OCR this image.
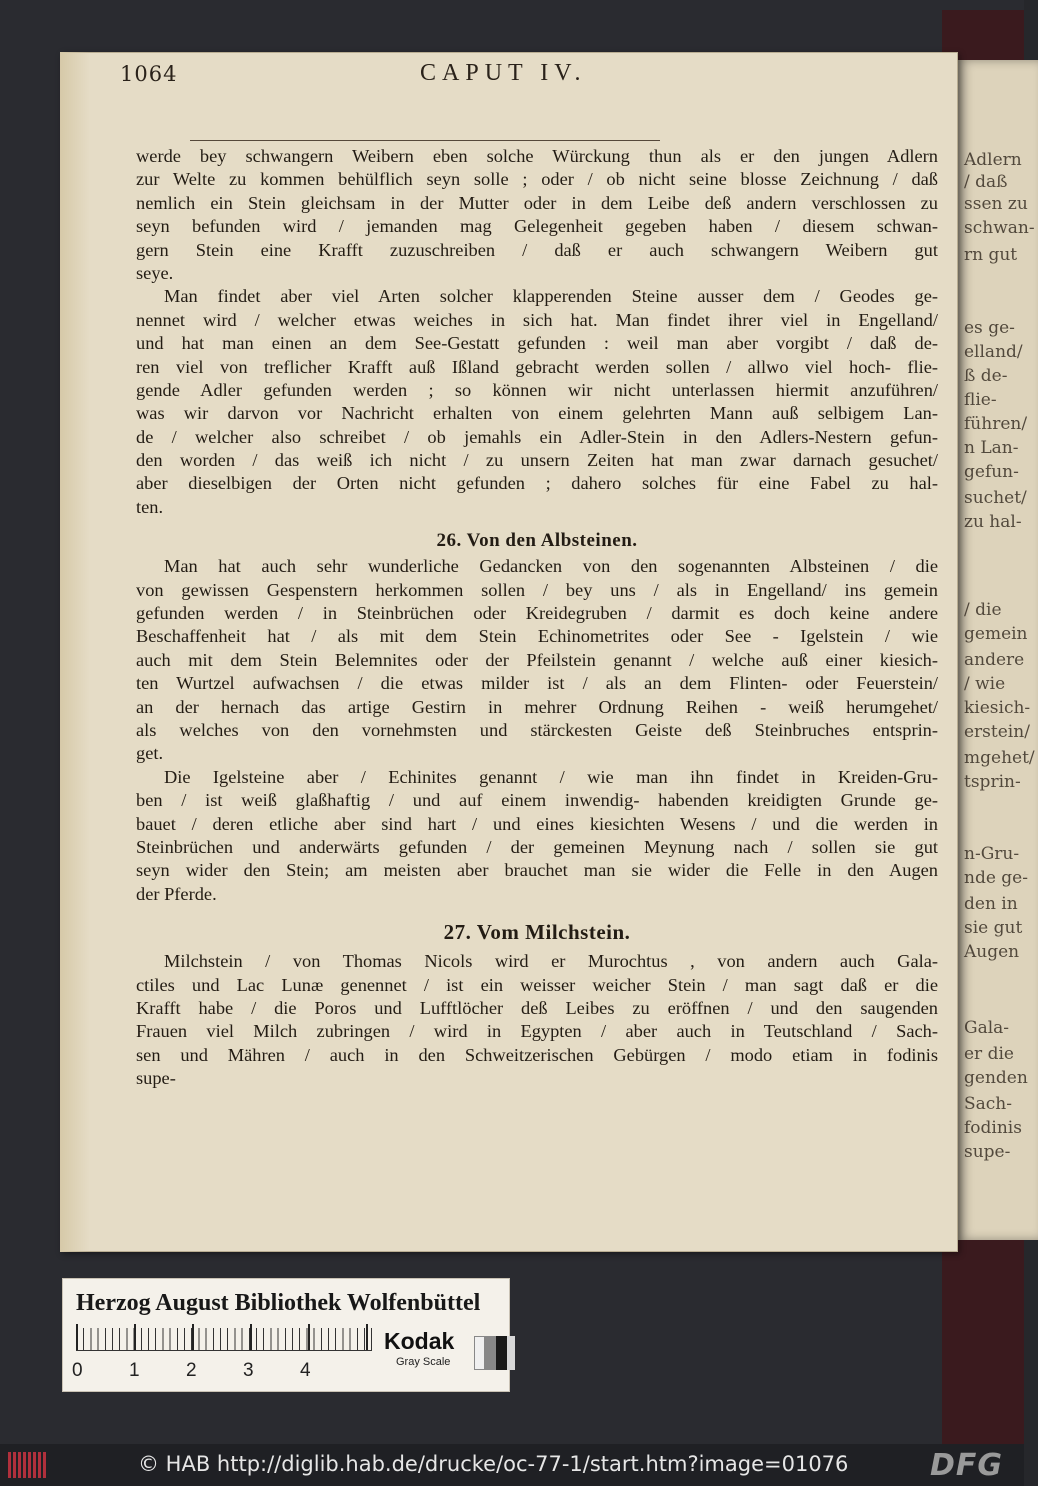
Adlern
/ daß
ssen zu
schwan-
rn gut
es ge-
elland/
ß de-
flie-
führen/
n Lan-
gefun-
suchet/
zu hal-
/ die
gemein
andere
/ wie
kiesich-
erstein/
mgehet/
tsprin-
n-Gru-
nde ge-
den in
sie gut
Augen
Gala-
er die
genden
Sach-
fodinis
supe-
1064	CAPUT IV.
werde bey schwangern Weibern eben solche Würckung thun als er den jungen Adlern
zur Welte zu kommen behülflich seyn solle ; oder / ob nicht seine blosse Zeichnung / daß
nemlich ein Stein gleichsam in der Mutter oder in dem Leibe deß andern verschlossen zu
seyn befunden wird / jemanden mag Gelegenheit gegeben haben / diesem schwan-
gern Stein eine Krafft zuzuschreiben / daß er auch schwangern Weibern gut
seye.
Man findet aber viel Arten solcher klapperenden Steine ausser dem / Geodes ge-
nennet wird / welcher etwas weiches in sich hat. Man findet ihrer viel in Engelland/
und hat man einen an dem See-Gestatt gefunden : weil man aber vorgibt / daß de-
ren viel von treflicher Krafft auß Ißland gebracht werden sollen / allwo viel hoch- flie-
gende Adler gefunden werden ; so können wir nicht unterlassen hiermit anzuführen/
was wir darvon vor Nachricht erhalten von einem gelehrten Mann auß selbigem Lan-
de / welcher also schreibet / ob jemahls ein Adler-Stein in den Adlers-Nestern gefun-
den worden / das weiß ich nicht / zu unsern Zeiten hat man zwar darnach gesuchet/
aber dieselbigen der Orten nicht gefunden ; dahero solches für eine Fabel zu hal-
ten.
26. Von den Albsteinen.
Man hat auch sehr wunderliche Gedancken von den sogenannten Albsteinen / die
von gewissen Gespenstern herkommen sollen / bey uns / als in Engelland/ ins gemein
gefunden werden / in Steinbrüchen oder Kreidegruben / darmit es doch keine andere
Beschaffenheit hat / als mit dem Stein Echinometrites oder See - Igelstein / wie
auch mit dem Stein Belemnites oder der Pfeilstein genannt / welche auß einer kiesich-
ten Wurtzel aufwachsen / die etwas milder ist / als an dem Flinten- oder Feuerstein/
an der hernach das artige Gestirn in mehrer Ordnung Reihen - weiß herumgehet/
als welches von den vornehmsten und stärckesten Geiste deß Steinbruches entsprin-
get.
Die Igelsteine aber / Echinites genannt / wie man ihn findet in Kreiden-Gru-
ben / ist weiß glaßhaftig / und auf einem inwendig- habenden kreidigten Grunde ge-
bauet / deren etliche aber sind hart / und eines kiesichten Wesens / und die werden in
Steinbrüchen und anderwärts gefunden / der gemeinen Meynung nach / sollen sie gut
seyn wider den Stein; am meisten aber brauchet man sie wider die Felle in den Augen
der Pferde.
27. Vom Milchstein.
Milchstein / von Thomas Nicols wird er Murochtus , von andern auch Gala-
ctiles und Lac Lunæ genennet / ist ein weisser weicher Stein / man sagt daß er die
Krafft habe / die Poros und Lufftlöcher deß Leibes zu eröffnen / und den saugenden
Frauen viel Milch zubringen / wird in Egypten / aber auch in Teutschland / Sach-
sen und Mähren / auch in den Schweitzerischen Gebürgen / modo etiam in fodinis
supe-
Herzog August Bibliothek Wolfenbüttel
0 1 2 3 4
Kodak
Gray Scale
© HAB http://diglib.hab.de/drucke/oc-77-1/start.htm?image=01076	DFG
